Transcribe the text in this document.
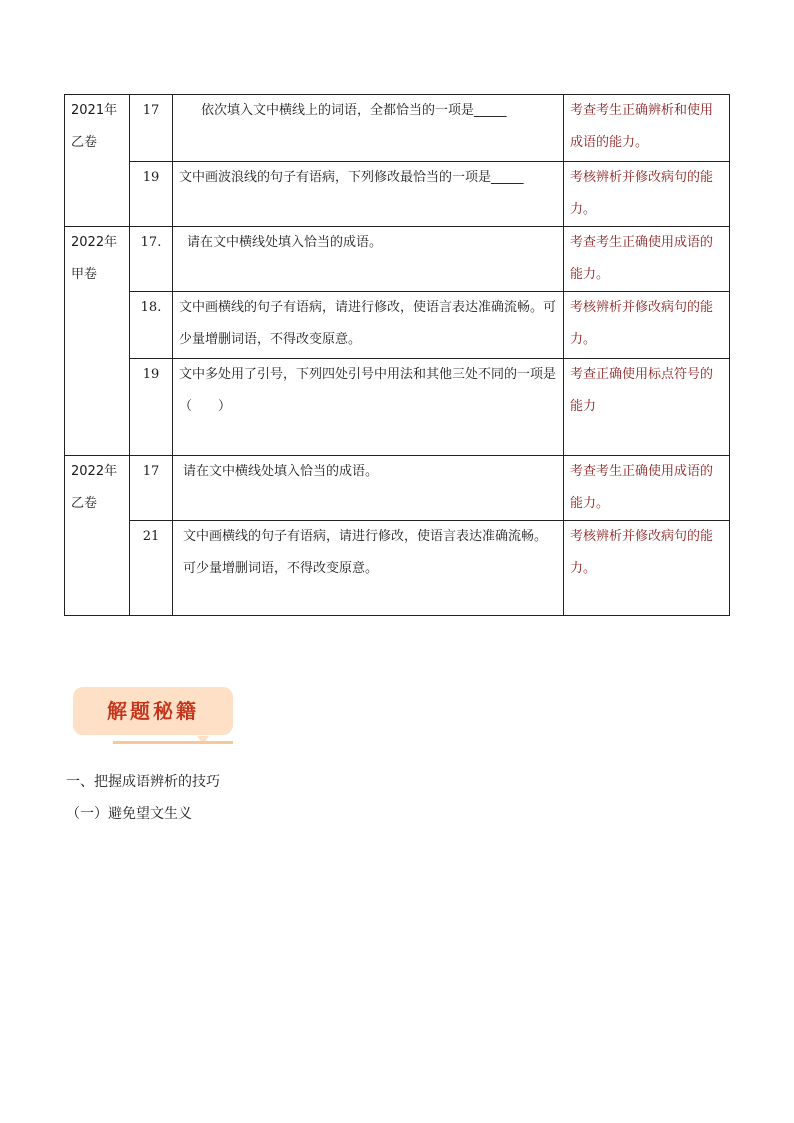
2021年
乙卷	17	依次填入文中横线上的词语，全都恰当的一项是_____	考查考生正确辨析和使用成语的能力。
	19	文中画波浪线的句子有语病，下列修改最恰当的一项是_____	考核辨析并修改病句的能力。

2022年
甲卷	17.	请在文中横线处填入恰当的成语。	考查考生正确使用成语的能力。
	18.	文中画横线的句子有语病，请进行修改，使语言表达准确流畅。可少量增删词语，不得改变原意。	考核辨析并修改病句的能力。
	19	文中多处用了引号，下列四处引号中用法和其他三处不同的一项是（　　）	考查正确使用标点符号的能力

2022年
乙卷	17	请在文中横线处填入恰当的成语。	考查考生正确使用成语的能力。
	21	文中画横线的句子有语病，请进行修改，使语言表达准确流畅。可少量增删词语，不得改变原意。	考核辨析并修改病句的能力。
解题秘籍
一、把握成语辨析的技巧
（一）避免望文生义
